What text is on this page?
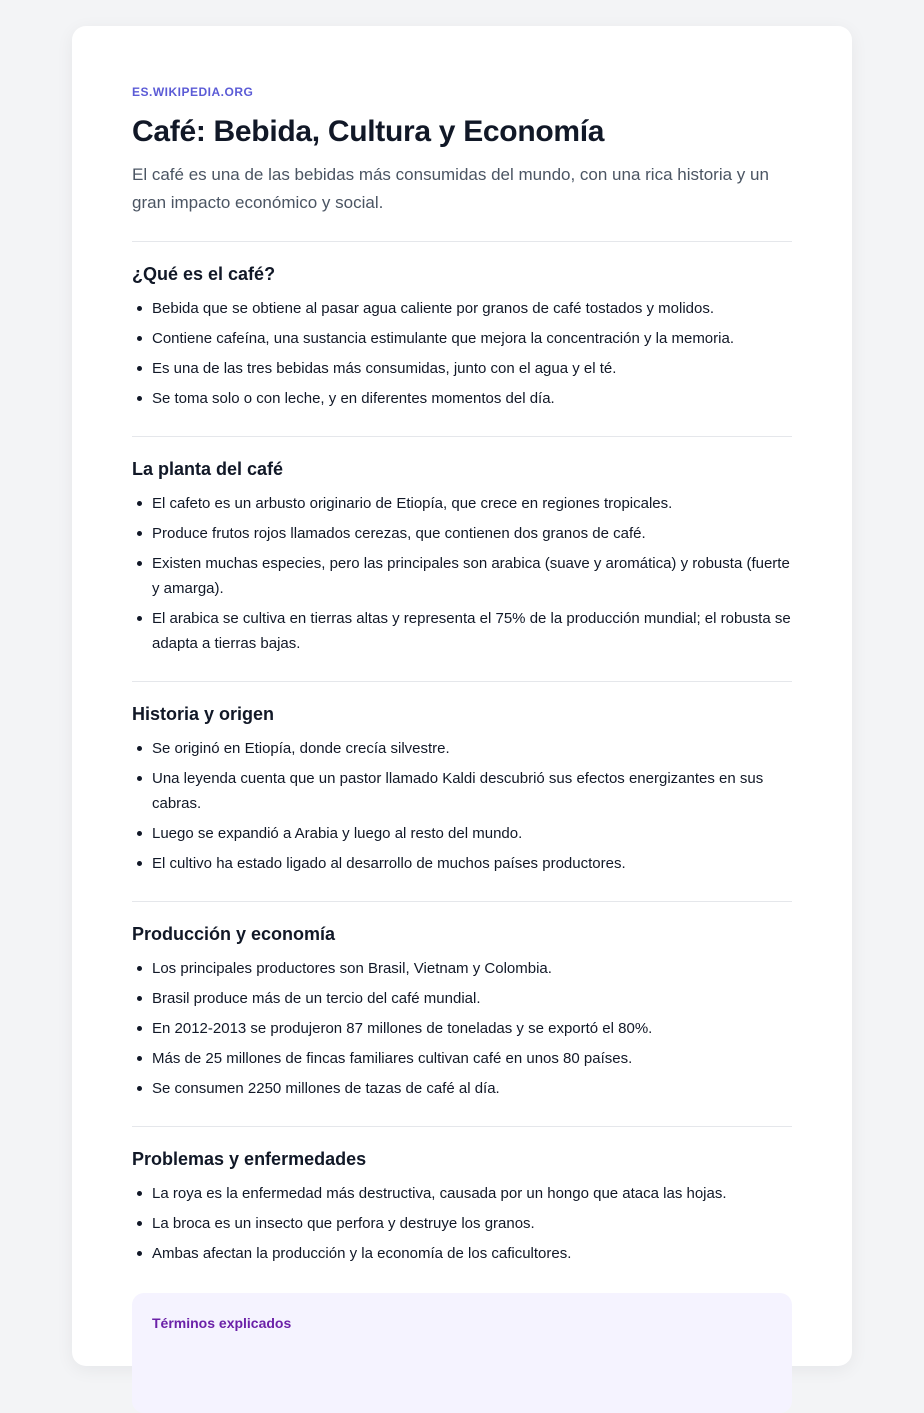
ES.WIKIPEDIA.ORG

Café: Bebida, Cultura y Economía

El café es una de las bebidas más consumidas del mundo, con una rica historia y un gran impacto económico y social.

¿Qué es el café?
Bebida que se obtiene al pasar agua caliente por granos de café tostados y molidos.
Contiene cafeína, una sustancia estimulante que mejora la concentración y la memoria.
Es una de las tres bebidas más consumidas, junto con el agua y el té.
Se toma solo o con leche, y en diferentes momentos del día.
La planta del café
El cafeto es un arbusto originario de Etiopía, que crece en regiones tropicales.
Produce frutos rojos llamados cerezas, que contienen dos granos de café.
Existen muchas especies, pero las principales son arabica (suave y aromática) y robusta (fuerte y amarga).
El arabica se cultiva en tierras altas y representa el 75% de la producción mundial; el robusta se adapta a tierras bajas.
Historia y origen
Se originó en Etiopía, donde crecía silvestre.
Una leyenda cuenta que un pastor llamado Kaldi descubrió sus efectos energizantes en sus cabras.
Luego se expandió a Arabia y luego al resto del mundo.
El cultivo ha estado ligado al desarrollo de muchos países productores.
Producción y economía
Los principales productores son Brasil, Vietnam y Colombia.
Brasil produce más de un tercio del café mundial.
En 2012-2013 se produjeron 87 millones de toneladas y se exportó el 80%.
Más de 25 millones de fincas familiares cultivan café en unos 80 países.
Se consumen 2250 millones de tazas de café al día.
Problemas y enfermedades
La roya es la enfermedad más destructiva, causada por un hongo que ataca las hojas.
La broca es un insecto que perfora y destruye los granos.
Ambas afectan la producción y la economía de los caficultores.
Términos explicados
